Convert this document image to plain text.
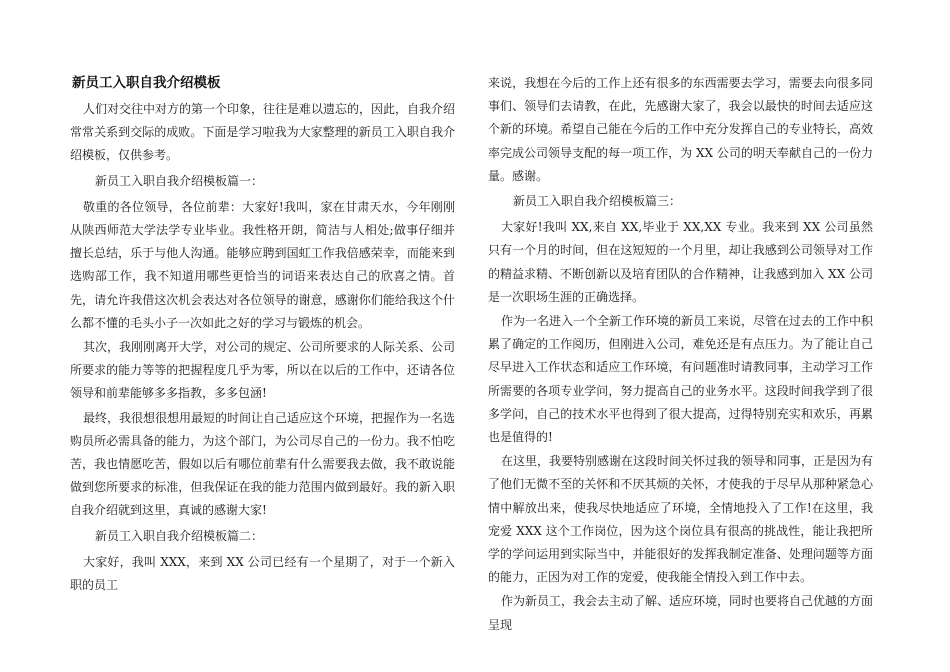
新员工入职自我介绍模板

人们对交往中对方的第一个印象，往往是难以遗忘的，因此，自我介绍常常关系到交际的成败。下面是学习啦我为大家整理的新员工入职自我介绍模板，仅供参考。

新员工入职自我介绍模板篇一：

敬重的各位领导，各位前辈：大家好!我叫，家在甘肃天水，今年刚刚从陕西师范大学法学专业毕业。我性格开朗，简洁与人相处;做事仔细并擅长总结，乐于与他人沟通。能够应聘到国虹工作我倍感荣幸，而能来到选购部工作，我不知道用哪些更恰当的词语来表达自己的欣喜之情。首先，请允许我借这次机会表达对各位领导的谢意，感谢你们能给我这个什么都不懂的毛头小子一次如此之好的学习与锻炼的机会。

其次，我刚刚离开大学，对公司的规定、公司所要求的人际关系、公司所要求的能力等等的把握程度几乎为零，所以在以后的工作中，还请各位领导和前辈能够多多指教，多多包涵!

最终，我很想很想用最短的时间让自己适应这个环境，把握作为一名选购员所必需具备的能力，为这个部门，为公司尽自己的一份力。我不怕吃苦，我也情愿吃苦，假如以后有哪位前辈有什么需要我去做，我不敢说能做到您所要求的标准，但我保证在我的能力范围内做到最好。我的新入职自我介绍就到这里，真诚的感谢大家!

新员工入职自我介绍模板篇二：

大家好，我叫 XXX，来到 XX 公司已经有一个星期了，对于一个新入职的员工

来说，我想在今后的工作上还有很多的东西需要去学习，需要去向很多同事们、领导们去请教，在此，先感谢大家了，我会以最快的时间去适应这个新的环境。希望自己能在今后的工作中充分发挥自己的专业特长，高效率完成公司领导支配的每一项工作，为 XX 公司的明天奉献自己的一份力量。感谢。

新员工入职自我介绍模板篇三：

大家好!我叫 XX,来自 XX,毕业于 XX,XX 专业。我来到 XX 公司虽然只有一个月的时间，但在这短短的一个月里，却让我感到公司领导对工作的精益求精、不断创新以及培育团队的合作精神，让我感到加入 XX 公司是一次职场生涯的正确选择。

作为一名进入一个全新工作环境的新员工来说，尽管在过去的工作中积累了确定的工作阅历，但刚进入公司，难免还是有点压力。为了能让自己尽早进入工作状态和适应工作环境，有问题准时请教同事，主动学习工作所需要的各项专业学问，努力提高自己的业务水平。这段时间我学到了很多学问，自己的技术水平也得到了很大提高，过得特别充实和欢乐，再累也是值得的!

在这里，我要特别感谢在这段时间关怀过我的领导和同事，正是因为有了他们无微不至的关怀和不厌其烦的关怀，才使我的于尽早从那种紧急心情中解放出来，使我尽快地适应了环境，全情地投入了工作!在这里，我宠爱 XXX 这个工作岗位，因为这个岗位具有很高的挑战性，能让我把所学的学问运用到实际当中，并能很好的发挥我制定准备、处理问题等方面的能力，正因为对工作的宠爱，使我能全情投入到工作中去。

作为新员工，我会去主动了解、适应环境，同时也要将自己优越的方面呈现
